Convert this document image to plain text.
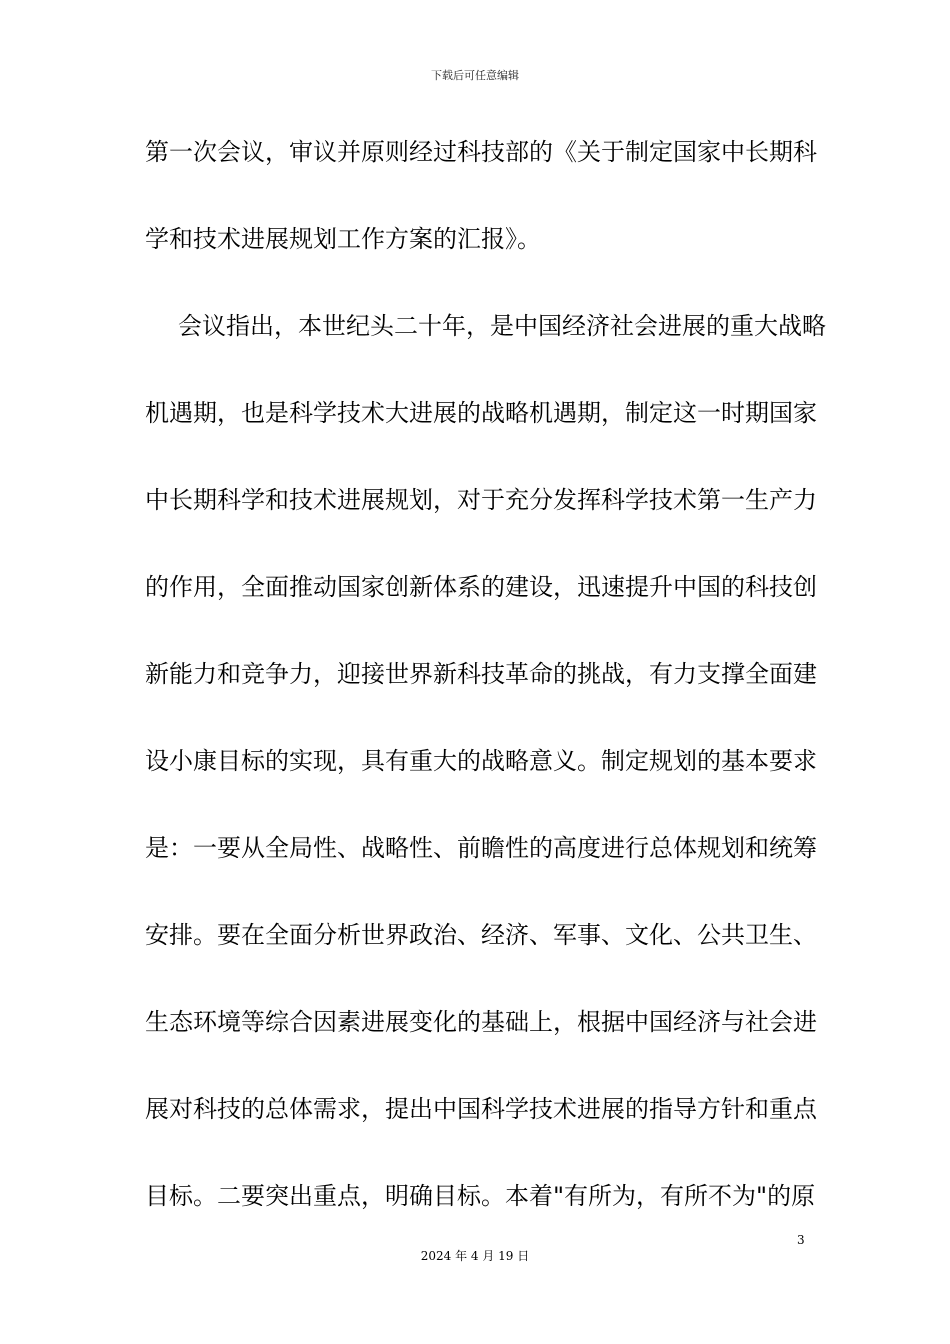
下载后可任意编辑
第一次会议，审议并原则经过科技部的《关于制定国家中长期科
学和技术进展规划工作方案的汇报》。
会议指出，本世纪头二十年，是中国经济社会进展的重大战略
机遇期，也是科学技术大进展的战略机遇期，制定这一时期国家
中长期科学和技术进展规划，对于充分发挥科学技术第一生产力
的作用，全面推动国家创新体系的建设，迅速提升中国的科技创
新能力和竞争力，迎接世界新科技革命的挑战，有力支撑全面建
设小康目标的实现，具有重大的战略意义。制定规划的基本要求
是：一要从全局性、战略性、前瞻性的高度进行总体规划和统筹
安排。要在全面分析世界政治、经济、军事、文化、公共卫生、
生态环境等综合因素进展变化的基础上，根据中国经济与社会进
展对科技的总体需求，提出中国科学技术进展的指导方针和重点
目标。二要突出重点，明确目标。本着"有所为，有所不为"的原
3
2024 年 4 月 19 日
